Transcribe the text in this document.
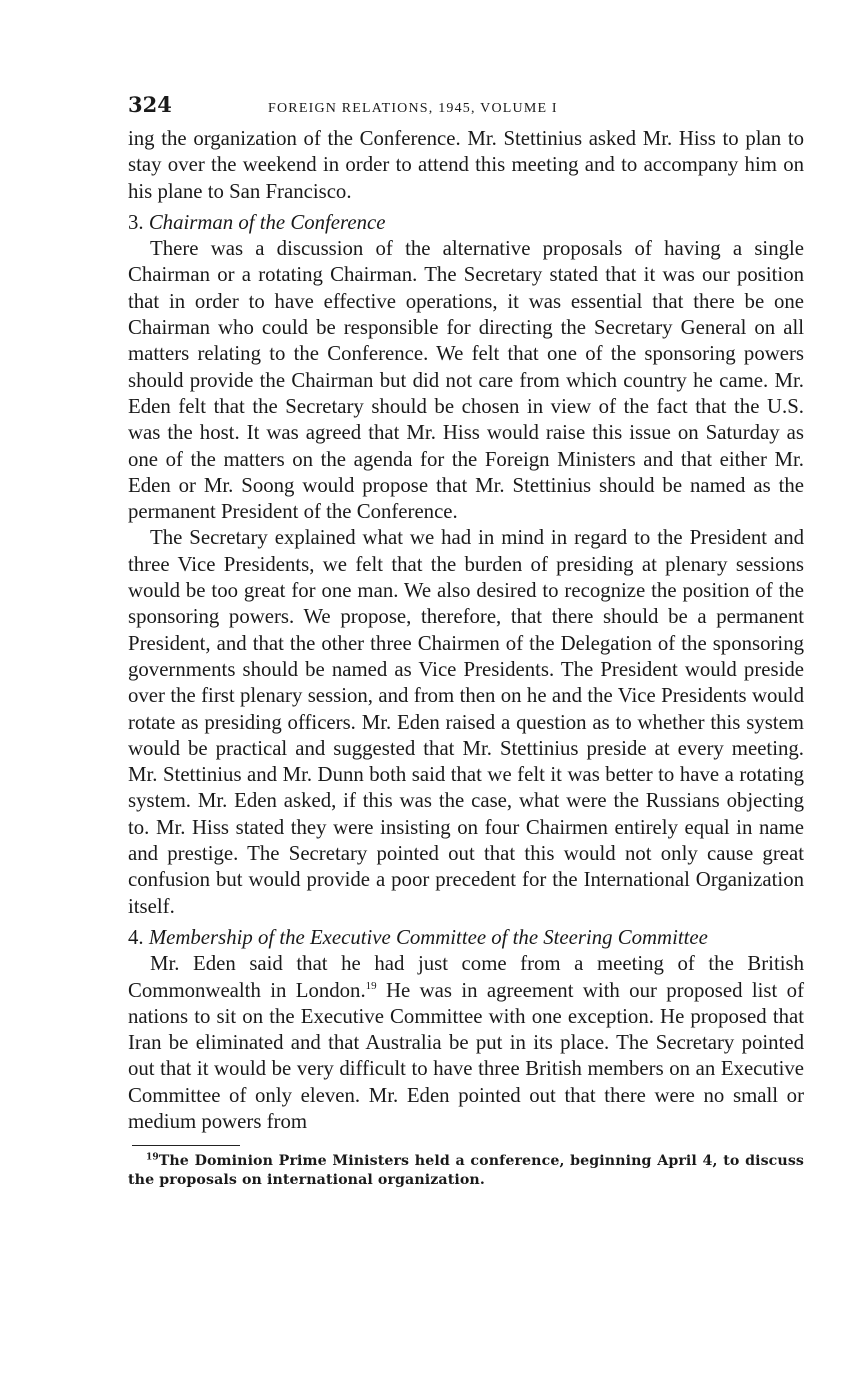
324	FOREIGN RELATIONS, 1945, VOLUME I

ing the organization of the Conference. Mr. Stettinius asked Mr. Hiss to plan to stay over the weekend in order to attend this meeting and to accompany him on his plane to San Francisco.

3. Chairman of the Conference

There was a discussion of the alternative proposals of having a single Chairman or a rotating Chairman. The Secretary stated that it was our position that in order to have effective operations, it was essential that there be one Chairman who could be responsible for directing the Secretary General on all matters relating to the Conference. We felt that one of the sponsoring powers should provide the Chairman but did not care from which country he came. Mr. Eden felt that the Secretary should be chosen in view of the fact that the U.S. was the host. It was agreed that Mr. Hiss would raise this issue on Saturday as one of the matters on the agenda for the Foreign Ministers and that either Mr. Eden or Mr. Soong would propose that Mr. Stettinius should be named as the permanent President of the Conference.

The Secretary explained what we had in mind in regard to the President and three Vice Presidents, we felt that the burden of presiding at plenary sessions would be too great for one man. We also desired to recognize the position of the sponsoring powers. We propose, therefore, that there should be a permanent President, and that the other three Chairmen of the Delegation of the sponsoring governments should be named as Vice Presidents. The President would preside over the first plenary session, and from then on he and the Vice Presidents would rotate as presiding officers. Mr. Eden raised a question as to whether this system would be practical and suggested that Mr. Stettinius preside at every meeting. Mr. Stettinius and Mr. Dunn both said that we felt it was better to have a rotating system. Mr. Eden asked, if this was the case, what were the Russians objecting to. Mr. Hiss stated they were insisting on four Chairmen entirely equal in name and prestige. The Secretary pointed out that this would not only cause great confusion but would provide a poor precedent for the International Organization itself.

4. Membership of the Executive Committee of the Steering Committee

Mr. Eden said that he had just come from a meeting of the British Commonwealth in London.$^{19}$ He was in agreement with our proposed list of nations to sit on the Executive Committee with one exception. He proposed that Iran be eliminated and that Australia be put in its place. The Secretary pointed out that it would be very difficult to have three British members on an Executive Committee of only eleven. Mr. Eden pointed out that there were no small or medium powers from

$^{19}$The Dominion Prime Ministers held a conference, beginning April 4, to discuss the proposals on international organization.
